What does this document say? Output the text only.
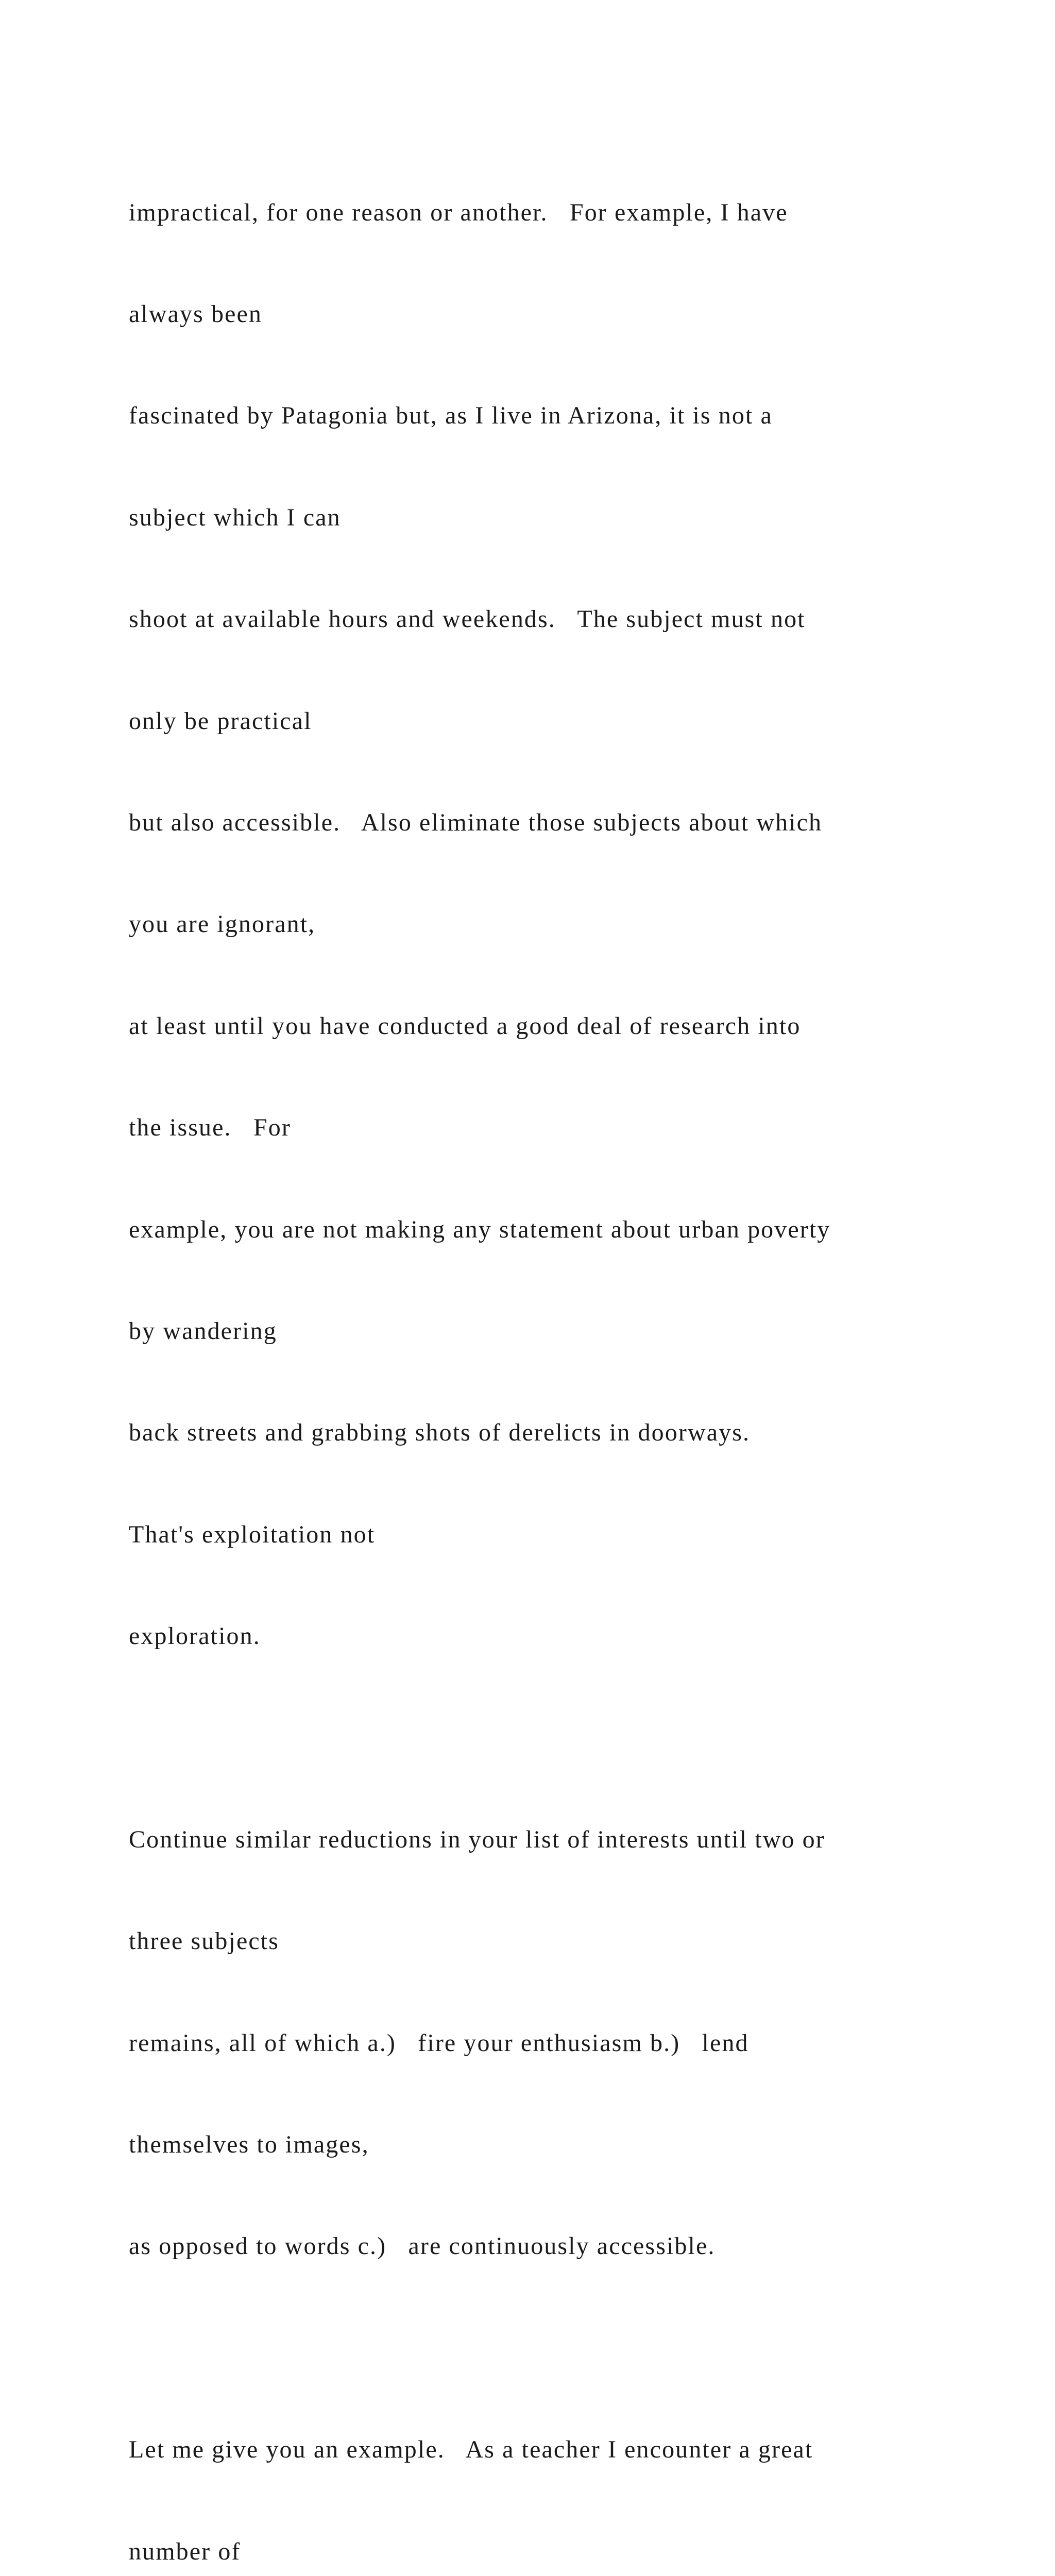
impractical, for one reason or another.   For example, I have

always been

fascinated by Patagonia but, as I live in Arizona, it is not a

subject which I can

shoot at available hours and weekends.   The subject must not

only be practical

but also accessible.   Also eliminate those subjects about which

you are ignorant,

at least until you have conducted a good deal of research into

the issue.   For

example, you are not making any statement about urban poverty

by wandering

back streets and grabbing shots of derelicts in doorways.

That's exploitation not

exploration.

Continue similar reductions in your list of interests until two or

three subjects

remains, all of which a.)   fire your enthusiasm b.)   lend

themselves to images,

as opposed to words c.)   are continuously accessible.

Let me give you an example.   As a teacher I encounter a great

number of
